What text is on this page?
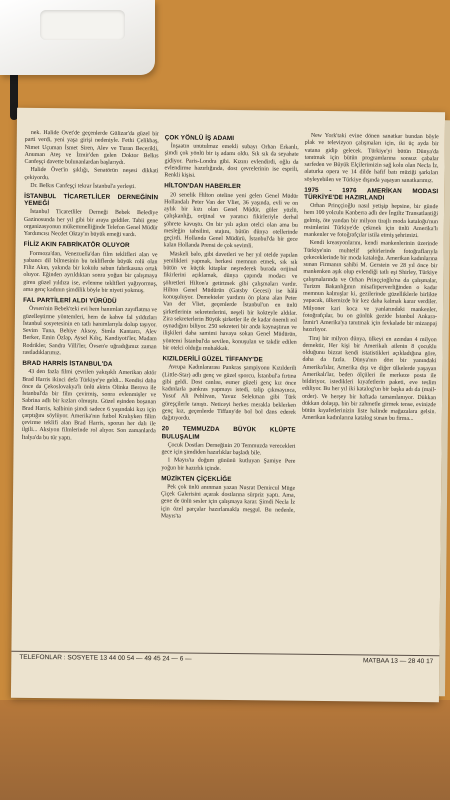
nek. Halide Övet'de geçenlerde Gülizar'da güzel bir parti verdi, yeni yaşa girişi nedeniyle. Fethi Çelikbaş, Nimet Uçuman İsmet Siren, Alev ve Turan Becerikli, Anuman Ateş ve İzmir'den gelen Doktor Belkıs Canfeşçi davette bulunanlardan başlarıydı.

Halide Övet'in şıklığı, Senatörün neşesi dikkati çekiyordu.

Dr. Belkıs Canfeşçi tekrar İstanbul'a yerleşti.

İSTANBUL TİCARETLİLER DERNEĞİNİN YEMEĞİ

İstanbul Ticaretliler Derneği Bebek Belediye Gazinosunda her yıl gibi bir araya geldiler. Tabii gene organizasyonun mükemmelliğinde Telefon Genel Müdür Yardımcısı Necdet Oktay'ın büyük emeği vardı.

FİLİZ AKIN FABRİKATÖR OLUYOR

Formoza'dan, Venezuella'dan film teklifleri alan ve yabancı dil bilmesinin bu tekliflerde büyük rolü olan Filiz Akın, yakında bir kokulu sabun fabrikasına ortak oluyor. Eğinden ayrıldıktan sonra yoğun bir çalışmaya giren güzel yıldıza ise, evlenme teklifleri yağıyormuş, ama genç kadının şimdilik böyle bir niyeti yokmuş.

FAL PARTİLERİ ALDI YÜRÜDÜ

Övsen'nin Bebek'teki evi hem hanımları zayıflatma ve güzelleştirme yöntemleri, hem de kahve fal yıldızları İstanbul sosyetesinin en tatlı hanımlarıyla dolup taşıyor. Sevim Tuna, Behiye Aksoy, Simla Kantarcı, Alev Berker, Emin Özlap, Aysel Kılıç, Kandiyoti'ler, Madam Rodrikler, Sandra Villi'ler, Övsen'e uğradığımız zaman rastladıklarımız.

BRAD HARRİS İSTANBUL'DA

43 den fazla filmi çevrilen yakışıklı Amerikan aktör Brad Harris ikinci defa Türkiye'ye geldi... Kendisi daha önce da Çekoslovakya'lı ünlü aktris Olinka Berova ile İstanbul'da bir film çevirmiş, sonra evlenmişler ve Sabrina adlı bir kızları olmuştu. Güzel eşinden boşanan Brad Harris, kalbinin şimdi sadece 6 yaşındaki kızı için çarptığını söylüyor. Amerika'nın futbol Kralıyken filim çevirme teklifi alan Brad Harris, sporun her dalı ile ilgili... Aksiyon filmlerinde rol alıyor. Son zamanlarda İtalya'da bu tür yaptı.

ÇOK YÖNLÜ İŞ ADAMI

İnşaatın unutulmaz emekli subayı Orhan Erkanlı, şimdi çok yönlü bir iş adamı oldu. Sık sık da seyahate gidiyor. Paris-Londra gibi. Kızını evlendirdi, oğlu da evlendirme hazırlığında, dost çevrelerinin ise esprili, Renkli kişisi.

HİLTON'DAN HABERLER

20 senelik Hilton oteline yeni gelen Genel Müdür Hollandalı Peter Van der Vliet, 36 yaşında, evli ve on aylık bir kızı olan Genel Müdür, güler yüzlü, çalışkanlığı, orijinal ve yaratıcı fikirleriyle derhal şöhrete kavuştu. On bir yılı aşkın otelci olan ama bu mesleğin tahsilini, stajını, bütün dünya otellerinde geçirdi. Hollanda Genel Müdürü, İstanbul'da bir gece kalan Hollanda Prensi de çok sevimli.

Maskeli balo, gibi davetleri ve her yıl otelde yapılan yenilikleri yapmak, herkesi memnun etmek, sık sık bütün ve küçük kitaplar neşrederek burada orijinal fikirlerini açıklamak, dünya çapında modacı ve şöhretleri Hilton'a getirtmek gibi çalışmaları vardır. Hilton Genel Müdürün (Gatsby Gecesi) ise hâlâ konuşuluyor. Demekteler yardımı ön plana alan Peter Van der Vliet, geçenlerde İstanbul'un en ünlü şirketlerinin sekreterlerini, neşeli bir kokteyle aldılar. Zira sekreterlerin Büyük şirketler ile de kadar önemli rol oynadığını biliyor. 250 sekreteri bir anda kaynaştıran ve ilişkileri daha samimi havaya sokan Genel Müdürün, yöntemi İstanbul'da sevilen, konuşulan ve takdir edilen bir otelci olduğu muhakkak.

KIZILDERİLİ GÜZEL TİFFANY'DE

Avrupa Kadınlararası Pankras şampiyonu Kızılderili (Little-Star) adlı genç ve güzel sporcu, İstanbul'a fırtına gibi geldi. Dost canlısı, esmer güzeli genç kız önce kadınlarla pankras yapmayı istedi, talip çıkmayınca, Yusuf Ali Pehlivan, Yavuz Selekman gibi Türk güreşçilerle tanıştı. Neticeyi herkes merakla beklerken genç kız, geçenlerde Tiffany'de bol bol dans ederek dağıtıyordu.

20 TEMMUZDA BÜYÜK KLÜPTE BULUŞALIM

Çocuk Dostları Derneğinin 20 Temmuzda verecekleri gece için şimdiden hazırlıklar başladı bile.

1 Mayıs'ta doğum gününü kutluyan Şamiye Pere yoğun bir hazırlık içinde.

MÜZİKTEN ÇİÇEKLİĞE

Pek çok ünlü anınman yazan Nusrat Demircul Müge Çiçek Galerisini açarak dostlarına sürpriz yaptı. Ama, gene de ünlü sesler için çalışmaya karar. Şimdi Necla İz için özel parçalar hazırlamakla meşgul. Bu nedenle, Mayıs'ta

New York'taki evine dönen sanatkar bundan böyle plak ve televizyon çalışmaları için, iki üç ayda bir vatana gidip gelecek. Türkiye'yi bütün Dünya'da tanıtmak için bütün programlarına sonsuz çabalar sarfeden ve Büyük Elçilerimizin sağ kolu olan Necla İz, alaturka opera ve 14 dilde hafif batı müziği şarkıları söyleyebilen ve Türkiye dışında yaşayan sanatkarımız.

1975 - 1976 AMERİKAN MODASI TÜRKİYE'DE HAZIRLANDI

Orhan Prinççioğlu nasıl yetişip hepsine, bir günde hem 100 yolculu Kanberra adlı dev İngiliz Transatlantiği gelmiş, öte yandan bir milyon tirajlı moda kataloğu'nun resimlerini Türkiye'de çekmek için ünlü Amerika'lı mankenler ve fotoğrafçılar istila etmiş şehrimizi.

Kendi kreasyonlarını, kendi mankenlerinin üzerinde Türkiye'nin muhtelif şehirlerinde fotoğraflarıyla çekeceklerinde bir moda kataloğu. Amerikan kadınlarına sunan Firmanın sahibi M. Gerstein ve 28 yıl önce bir mankenken aşık olup evlendiği tatlı eşi Shirley, Türkiye çalışmalarında ve Orhan Prinççioğlu'na da çalışmalar, Turizm Bakanlığının misafirperverliğinden o kadar memnun kalmışlar ki, gezilerinde güzelliklerle birlikte yapacak, ülkemizde bir kez daha kalmak karar verdiler. Milyoner kari koca ve yanlarındaki mankenler, fotoğrafçılar, bu on günlük gezide İstanbul Ankara-İzmir'i Amerika'ya tanıtmak için fevkalade bir mizanpaj hazırlıyor.

Tiraj bir milyon dünya, ülkeyi en azından 4 milyon demektir, Her kişi bir Amerikalı ailenin 8 çocuklu olduğunu bizzat kendi istatistikleri açıkladığına göre, daha da fazla. Dünya'nın dört bir yanındaki Amerika'lılar, Amerika dışı ve diğer ülkelerde yaşayan Amerikalı'lar, beden ölçüleri ile merkeze posta ile bildiriyor, istedikleri kıyafetlerin paketi, eve teslim ediliyor. Bu her yıl iki katalog'un bir başka adı da (mail-order). Ve herşey bir haftada tamamlanıyor. Dükkan dükkan dolaşıp, bin bir zahmetle girmek tense, evinizde bütün kıyafetlerinizin liste halinde mağazalara gelsin. Amerikan kadınlarına katalog sunan bu firma...

TELEFONLAR : SOSYETE 13 44 00 54 — 49 45 24 — 6 —	MATBAA 13 — 28 40 17
